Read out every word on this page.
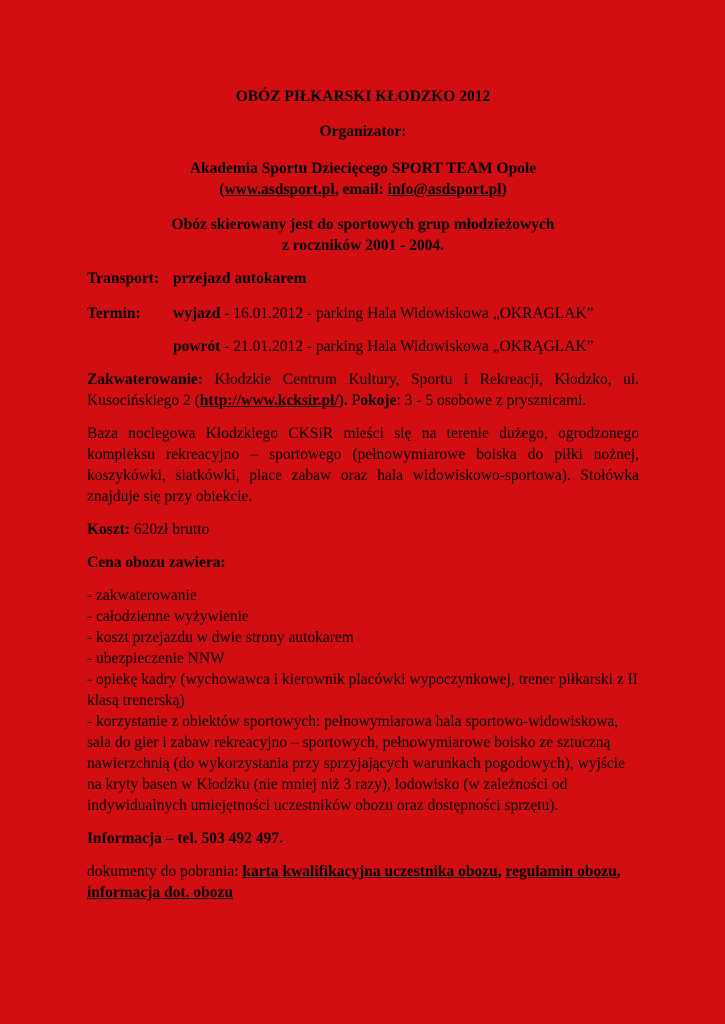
OBÓZ PIŁKARSKI KŁODZKO 2012
Organizator:
Akademia Sportu Dziecięcego SPORT TEAM Opole
(www.asdsport.pl, email: info@asdsport.pl)
Obóz skierowany jest do sportowych grup młodzieżowych
z roczników 2001 - 2004.
Transport: przejazd autokarem
Termin:	wyjazd - 16.01.2012 - parking Hala Widowiskowa „OKRAGLAK”
powrót - 21.01.2012 - parking Hala Widowiskowa „OKRĄGLAK”

Zakwaterowanie: Kłodzkie Centrum Kultury, Sportu i Rekreacji, Kłodzko, ul. Kusocińskiego 2 (http://www.kcksir.pl/). Pokoje: 3 - 5 osobowe z prysznicami.

Baza noclegowa Kłodzkiego CKSiR mieści się na terenie dużego, ogrodzonego kompleksu rekreacyjno – sportowego (pełnowymiarowe boiska do piłki nożnej, koszykówki, siatkówki, place zabaw oraz hala widowiskowo-sportowa). Stołówka znajduje się przy obiekcie.

Koszt: 620zł brutto

Cena obozu zawiera:

- zakwaterowanie
- całodzienne wyżywienie
- koszt przejazdu w dwie strony autokarem
- ubezpieczenie NNW
- opiekę kadry (wychowawca i kierownik placówki wypoczynkowej, trener piłkarski z II klasą trenerską)
- korzystanie z obiektów sportowych: pełnowymiarowa hala sportowo-widowiskowa, sala do gier i zabaw rekreacyjno – sportowych, pełnowymiarowe boisko ze sztuczną nawierzchnią (do wykorzystania przy sprzyjających warunkach pogodowych), wyjście na kryty basen w Kłodzku (nie mniej niż 3 razy), lodowisko (w zależności od indywidualnych umiejętności uczestników obozu oraz dostępności sprzętu).

Informacja – tel. 503 492 497.

dokumenty do pobrania: karta kwalifikacyjna uczestnika obozu, regulamin obozu, informacja dot. obozu
